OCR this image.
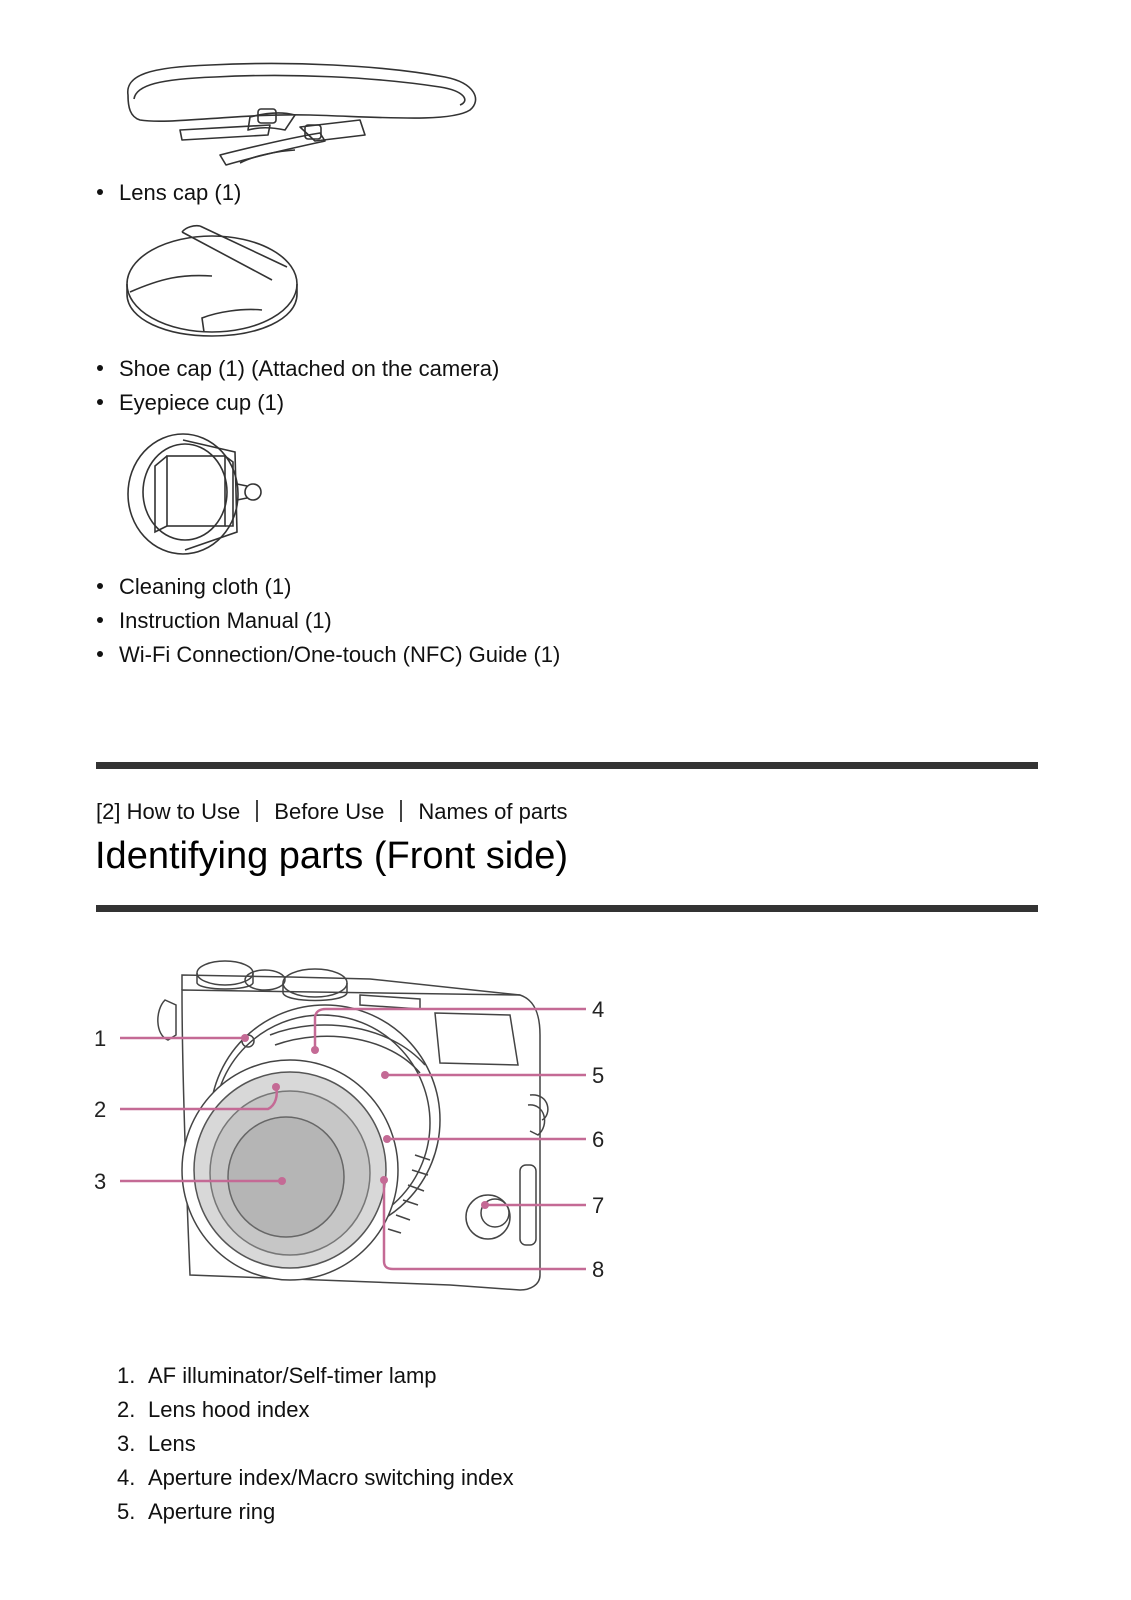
Lens cap (1)
Shoe cap (1) (Attached on the camera)
Eyepiece cup (1)
Cleaning cloth (1)
Instruction Manual (1)
Wi-Fi Connection/One-touch (NFC) Guide (1)
[2] How to Use Before Use Names of parts
Identifying parts (Front side)
1
2
3
4
5
6
7
8
1. AF illuminator/Self-timer lamp
2. Lens hood index
3. Lens
4. Aperture index/Macro switching index
5. Aperture ring
